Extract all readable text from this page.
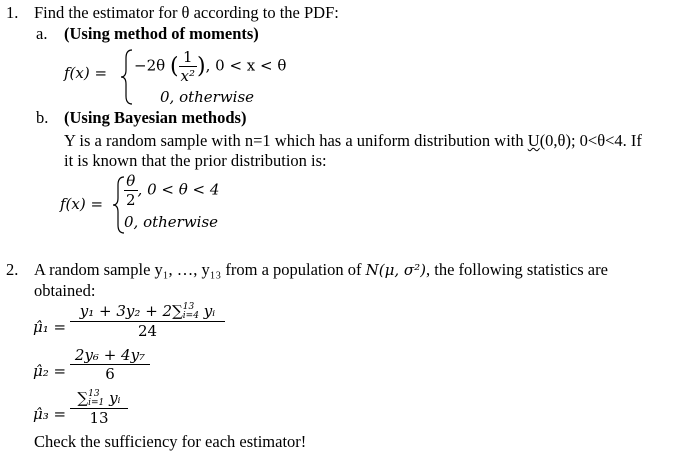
1. Find the estimator for θ according to the PDF:
a. (Using method of moments)
f(x) = −2θ ( $\frac{1}{\text{x²}}$ ), 0 < x < θ
0, otherwise
b. (Using Bayesian methods)
Y is a random sample with n=1 which has a uniform distribution with U(0,θ); 0<θ<4. If
it is known that the prior distribution is:
$f(x) = \frac{\theta}{2}$ , 0 < θ < 4
0, otherwise
2. A random sample y₁, …, y₁₃ from a population of N(μ, σ²), the following statistics are
obtained:
μ̂₁ = y₁ + 3y₂ + 2∑ 13
i=4 yᵢ
24
μ̂₂ = $\frac{\text{2y₆ + 4y₇}}{6}$
μ̂₃ = ∑ 13
i=1 yᵢ
13
Check the sufficiency for each estimator!
